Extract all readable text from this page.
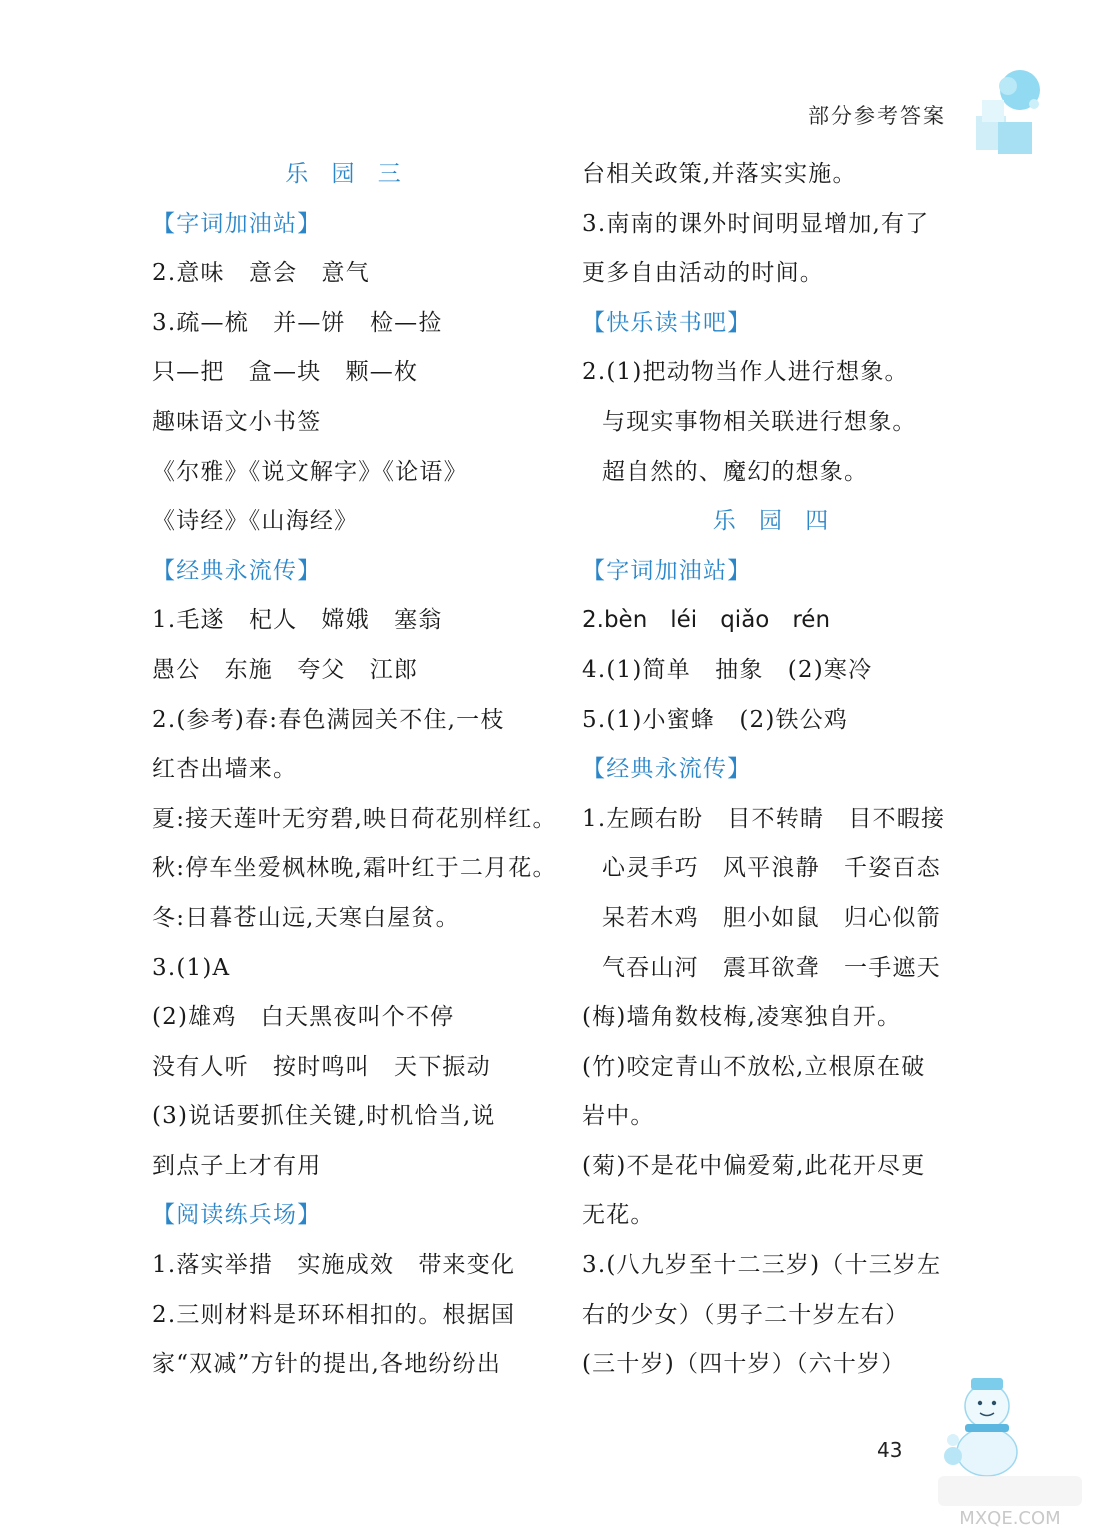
部分参考答案
乐 园 三
【字词加油站】
2.意味　意会　意气
3.疏—梳　并—饼　检—捡
只—把　盒—块　颗—枚
趣味语文小书签
《尔雅》《说文解字》《论语》
《诗经》《山海经》
【经典永流传】
1.毛遂　杞人　嫦娥　塞翁
愚公　东施　夸父　江郎
2.(参考)春:春色满园关不住,一枝
红杏出墙来。
夏:接天莲叶无穷碧,映日荷花别样红。
秋:停车坐爱枫林晚,霜叶红于二月花。
冬:日暮苍山远,天寒白屋贫。
3.(1)A
(2)雄鸡　白天黑夜叫个不停
没有人听　按时鸣叫　天下振动
(3)说话要抓住关键,时机恰当,说
到点子上才有用
【阅读练兵场】
1.落实举措　实施成效　带来变化
2.三则材料是环环相扣的。根据国
家“双减”方针的提出,各地纷纷出
台相关政策,并落实实施。
3.南南的课外时间明显增加,有了
更多自由活动的时间。
【快乐读书吧】
2.(1)把动物当作人进行想象。
与现实事物相关联进行想象。
超自然的、魔幻的想象。
乐 园 四
【字词加油站】
2.bèn　léi　qiǎo　rén
4.(1)简单　抽象　(2)寒冷
5.(1)小蜜蜂　(2)铁公鸡
【经典永流传】
1.左顾右盼　目不转睛　目不暇接
心灵手巧　风平浪静　千姿百态
呆若木鸡　胆小如鼠　归心似箭
气吞山河　震耳欲聋　一手遮天
(梅)墙角数枝梅,凌寒独自开。
(竹)咬定青山不放松,立根原在破
岩中。
(菊)不是花中偏爱菊,此花开尽更
无花。
3.(八九岁至十二三岁)（十三岁左
右的少女）（男子二十岁左右）
(三十岁)（四十岁）（六十岁）
43
MXQE.COM
